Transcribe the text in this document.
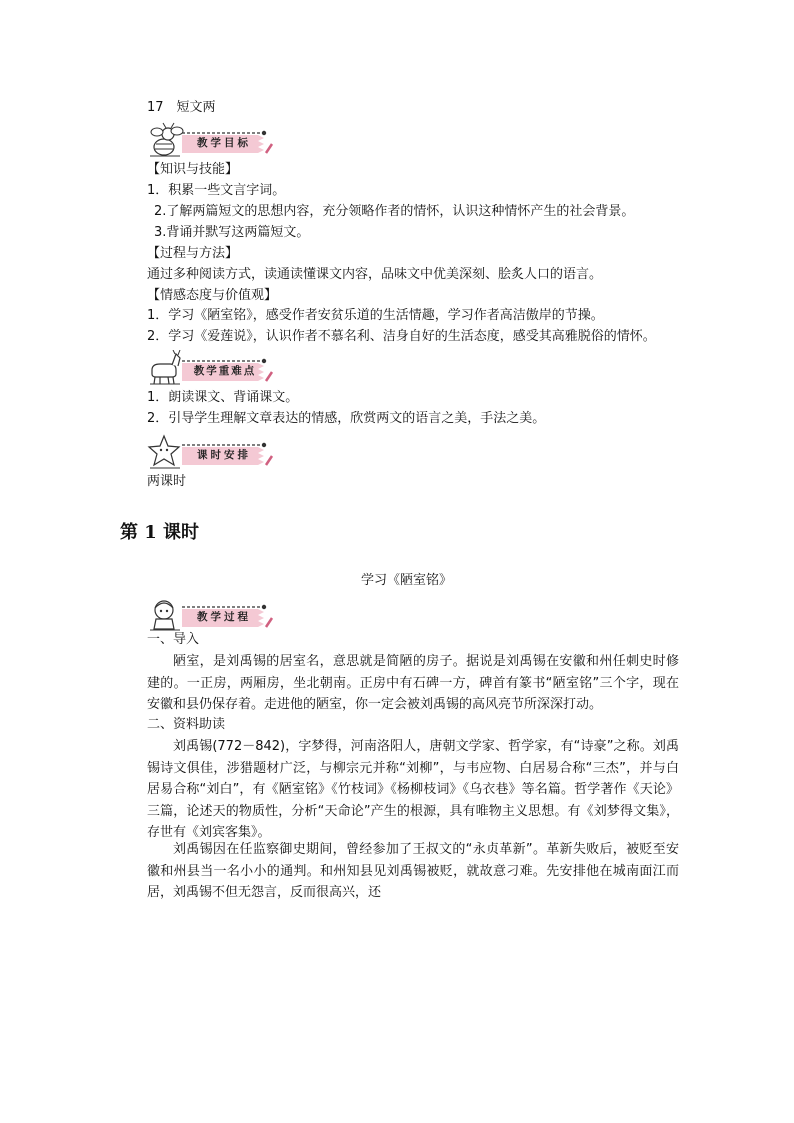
17　短文两
教学目标
【知识与技能】
1．积累一些文言字词。
2.了解两篇短文的思想内容，充分领略作者的情怀，认识这种情怀产生的社会背景。
3.背诵并默写这两篇短文。
【过程与方法】
通过多种阅读方式，读通读懂课文内容，品味文中优美深刻、脍炙人口的语言。
【情感态度与价值观】
1．学习《陋室铭》，感受作者安贫乐道的生活情趣，学习作者高洁傲岸的节操。
2．学习《爱莲说》，认识作者不慕名利、洁身自好的生活态度，感受其高雅脱俗的情怀。
教学重难点
1．朗读课文、背诵课文。
2．引导学生理解文章表达的情感，欣赏两文的语言之美，手法之美。
课时安排
两课时
第 1 课时
学习《陋室铭》
教学过程
一、导入
陋室，是刘禹锡的居室名，意思就是简陋的房子。据说是刘禹锡在安徽和州任刺史时修建的。一正房，两厢房，坐北朝南。正房中有石碑一方，碑首有篆书“陋室铭”三个字，现在安徽和县仍保存着。走进他的陋室，你一定会被刘禹锡的高风亮节所深深打动。
二、资料助读
刘禹锡(772－842)，字梦得，河南洛阳人，唐朝文学家、哲学家，有“诗豪”之称。刘禹锡诗文俱佳，涉猎题材广泛，与柳宗元并称“刘柳”，与韦应物、白居易合称“三杰”，并与白居易合称“刘白”，有《陋室铭》《竹枝词》《杨柳枝词》《乌衣巷》等名篇。哲学著作《天论》三篇，论述天的物质性，分析“天命论”产生的根源，具有唯物主义思想。有《刘梦得文集》，存世有《刘宾客集》。
刘禹锡因在任监察御史期间，曾经参加了王叔文的“永贞革新”。革新失败后，被贬至安徽和州县当一名小小的通判。和州知县见刘禹锡被贬，就故意刁难。先安排他在城南面江而居，刘禹锡不但无怨言，反而很高兴，还
